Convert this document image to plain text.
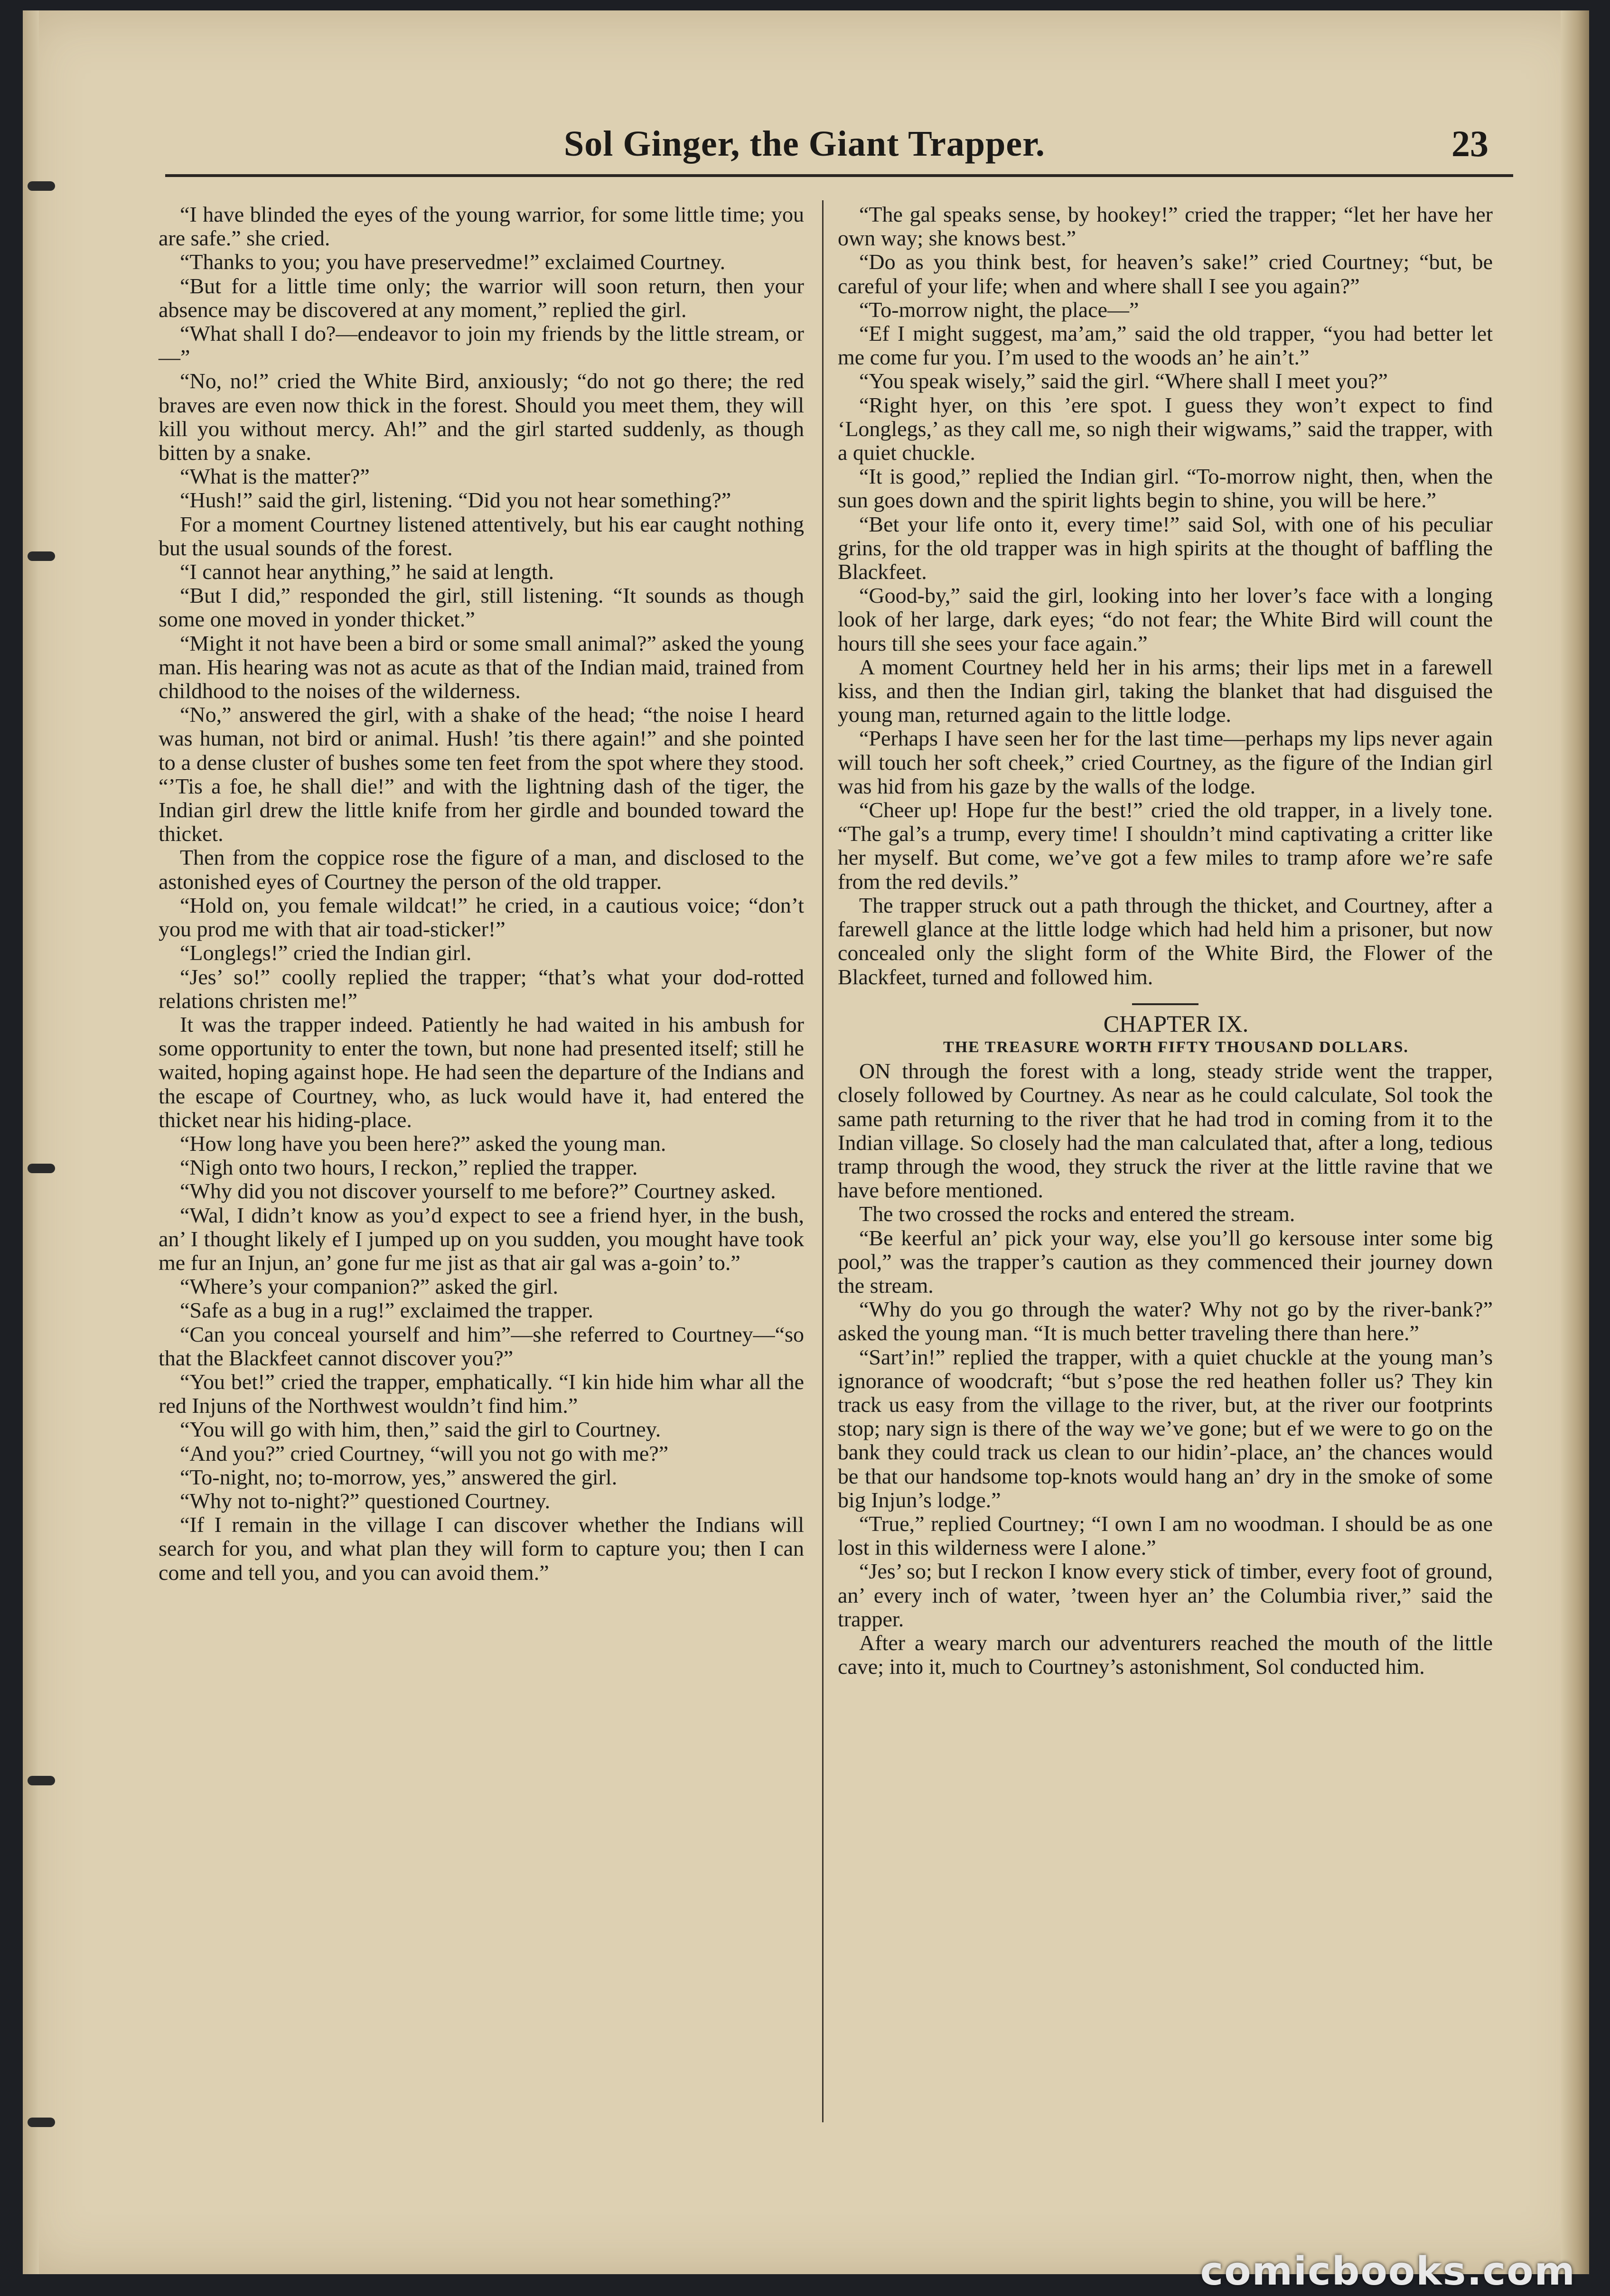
Sol Ginger, the Giant Trapper.	23

“I have blinded the eyes of the young warrior, for some little time; you are safe.” she cried.

“Thanks to you; you have preservedme!” exclaimed Courtney.

“But for a little time only; the warrior will soon return, then your absence may be discovered at any moment,” replied the girl.

“What shall I do?—endeavor to join my friends by the little stream, or—”

“No, no!” cried the White Bird, anxiously; “do not go there; the red braves are even now thick in the forest. Should you meet them, they will kill you without mercy. Ah!” and the girl started suddenly, as though bitten by a snake.

“What is the matter?”

“Hush!” said the girl, listening. “Did you not hear something?”

For a moment Courtney listened attentively, but his ear caught nothing but the usual sounds of the forest.

“I cannot hear anything,” he said at length.

“But I did,” responded the girl, still listening. “It sounds as though some one moved in yonder thicket.”

“Might it not have been a bird or some small animal?” asked the young man. His hearing was not as acute as that of the Indian maid, trained from childhood to the noises of the wilderness.

“No,” answered the girl, with a shake of the head; “the noise I heard was human, not bird or animal. Hush! ’tis there again!” and she pointed to a dense cluster of bushes some ten feet from the spot where they stood. “’Tis a foe, he shall die!” and with the lightning dash of the tiger, the Indian girl drew the little knife from her girdle and bounded toward the thicket.

Then from the coppice rose the figure of a man, and disclosed to the astonished eyes of Courtney the person of the old trapper.

“Hold on, you female wildcat!” he cried, in a cautious voice; “don’t you prod me with that air toad-sticker!”

“Longlegs!” cried the Indian girl.

“Jes’ so!” coolly replied the trapper; “that’s what your dod-rotted relations christen me!”

It was the trapper indeed. Patiently he had waited in his ambush for some opportunity to enter the town, but none had presented itself; still he waited, hoping against hope. He had seen the departure of the Indians and the escape of Courtney, who, as luck would have it, had entered the thicket near his hiding-place.

“How long have you been here?” asked the young man.

“Nigh onto two hours, I reckon,” replied the trapper.

“Why did you not discover yourself to me before?” Courtney asked.

“Wal, I didn’t know as you’d expect to see a friend hyer, in the bush, an’ I thought likely ef I jumped up on you sudden, you mought have took me fur an Injun, an’ gone fur me jist as that air gal was a-goin’ to.”

“Where’s your companion?” asked the girl.

“Safe as a bug in a rug!” exclaimed the trapper.

“Can you conceal yourself and him”—she referred to Courtney—“so that the Blackfeet cannot discover you?”

“You bet!” cried the trapper, emphatically. “I kin hide him whar all the red Injuns of the Northwest wouldn’t find him.”

“You will go with him, then,” said the girl to Courtney.

“And you?” cried Courtney, “will you not go with me?”

“To-night, no; to-morrow, yes,” answered the girl.

“Why not to-night?” questioned Courtney.

“If I remain in the village I can discover whether the Indians will search for you, and what plan they will form to capture you; then I can come and tell you, and you can avoid them.”

“The gal speaks sense, by hookey!” cried the trapper; “let her have her own way; she knows best.”

“Do as you think best, for heaven’s sake!” cried Courtney; “but, be careful of your life; when and where shall I see you again?”

“To-morrow night, the place—”

“Ef I might suggest, ma’am,” said the old trapper, “you had better let me come fur you. I’m used to the woods an’ he ain’t.”

“You speak wisely,” said the girl. “Where shall I meet you?”

“Right hyer, on this ’ere spot. I guess they won’t expect to find ‘Longlegs,’ as they call me, so nigh their wigwams,” said the trapper, with a quiet chuckle.

“It is good,” replied the Indian girl. “To-morrow night, then, when the sun goes down and the spirit lights begin to shine, you will be here.”

“Bet your life onto it, every time!” said Sol, with one of his peculiar grins, for the old trapper was in high spirits at the thought of baffling the Blackfeet.

“Good-by,” said the girl, looking into her lover’s face with a longing look of her large, dark eyes; “do not fear; the White Bird will count the hours till she sees your face again.”

A moment Courtney held her in his arms; their lips met in a farewell kiss, and then the Indian girl, taking the blanket that had disguised the young man, returned again to the little lodge.

“Perhaps I have seen her for the last time—perhaps my lips never again will touch her soft cheek,” cried Courtney, as the figure of the Indian girl was hid from his gaze by the walls of the lodge.

“Cheer up! Hope fur the best!” cried the old trapper, in a lively tone. “The gal’s a trump, every time! I shouldn’t mind captivating a critter like her myself. But come, we’ve got a few miles to tramp afore we’re safe from the red devils.”

The trapper struck out a path through the thicket, and Courtney, after a farewell glance at the little lodge which had held him a prisoner, but now concealed only the slight form of the White Bird, the Flower of the Blackfeet, turned and followed him.

CHAPTER IX.

THE TREASURE WORTH FIFTY THOUSAND DOLLARS.

ON through the forest with a long, steady stride went the trapper, closely followed by Courtney. As near as he could calculate, Sol took the same path returning to the river that he had trod in coming from it to the Indian village. So closely had the man calculated that, after a long, tedious tramp through the wood, they struck the river at the little ravine that we have before mentioned.

The two crossed the rocks and entered the stream.

“Be keerful an’ pick your way, else you’ll go kersouse inter some big pool,” was the trapper’s caution as they commenced their journey down the stream.

“Why do you go through the water? Why not go by the river-bank?” asked the young man. “It is much better traveling there than here.”

“Sart’in!” replied the trapper, with a quiet chuckle at the young man’s ignorance of woodcraft; “but s’pose the red heathen foller us? They kin track us easy from the village to the river, but, at the river our footprints stop; nary sign is there of the way we’ve gone; but ef we were to go on the bank they could track us clean to our hidin’-place, an’ the chances would be that our handsome top-knots would hang an’ dry in the smoke of some big Injun’s lodge.”

“True,” replied Courtney; “I own I am no woodman. I should be as one lost in this wilderness were I alone.”

“Jes’ so; but I reckon I know every stick of timber, every foot of ground, an’ every inch of water, ’tween hyer an’ the Columbia river,” said the trapper.

After a weary march our adventurers reached the mouth of the little cave; into it, much to Courtney’s astonishment, Sol conducted him.

comicbooks.com
